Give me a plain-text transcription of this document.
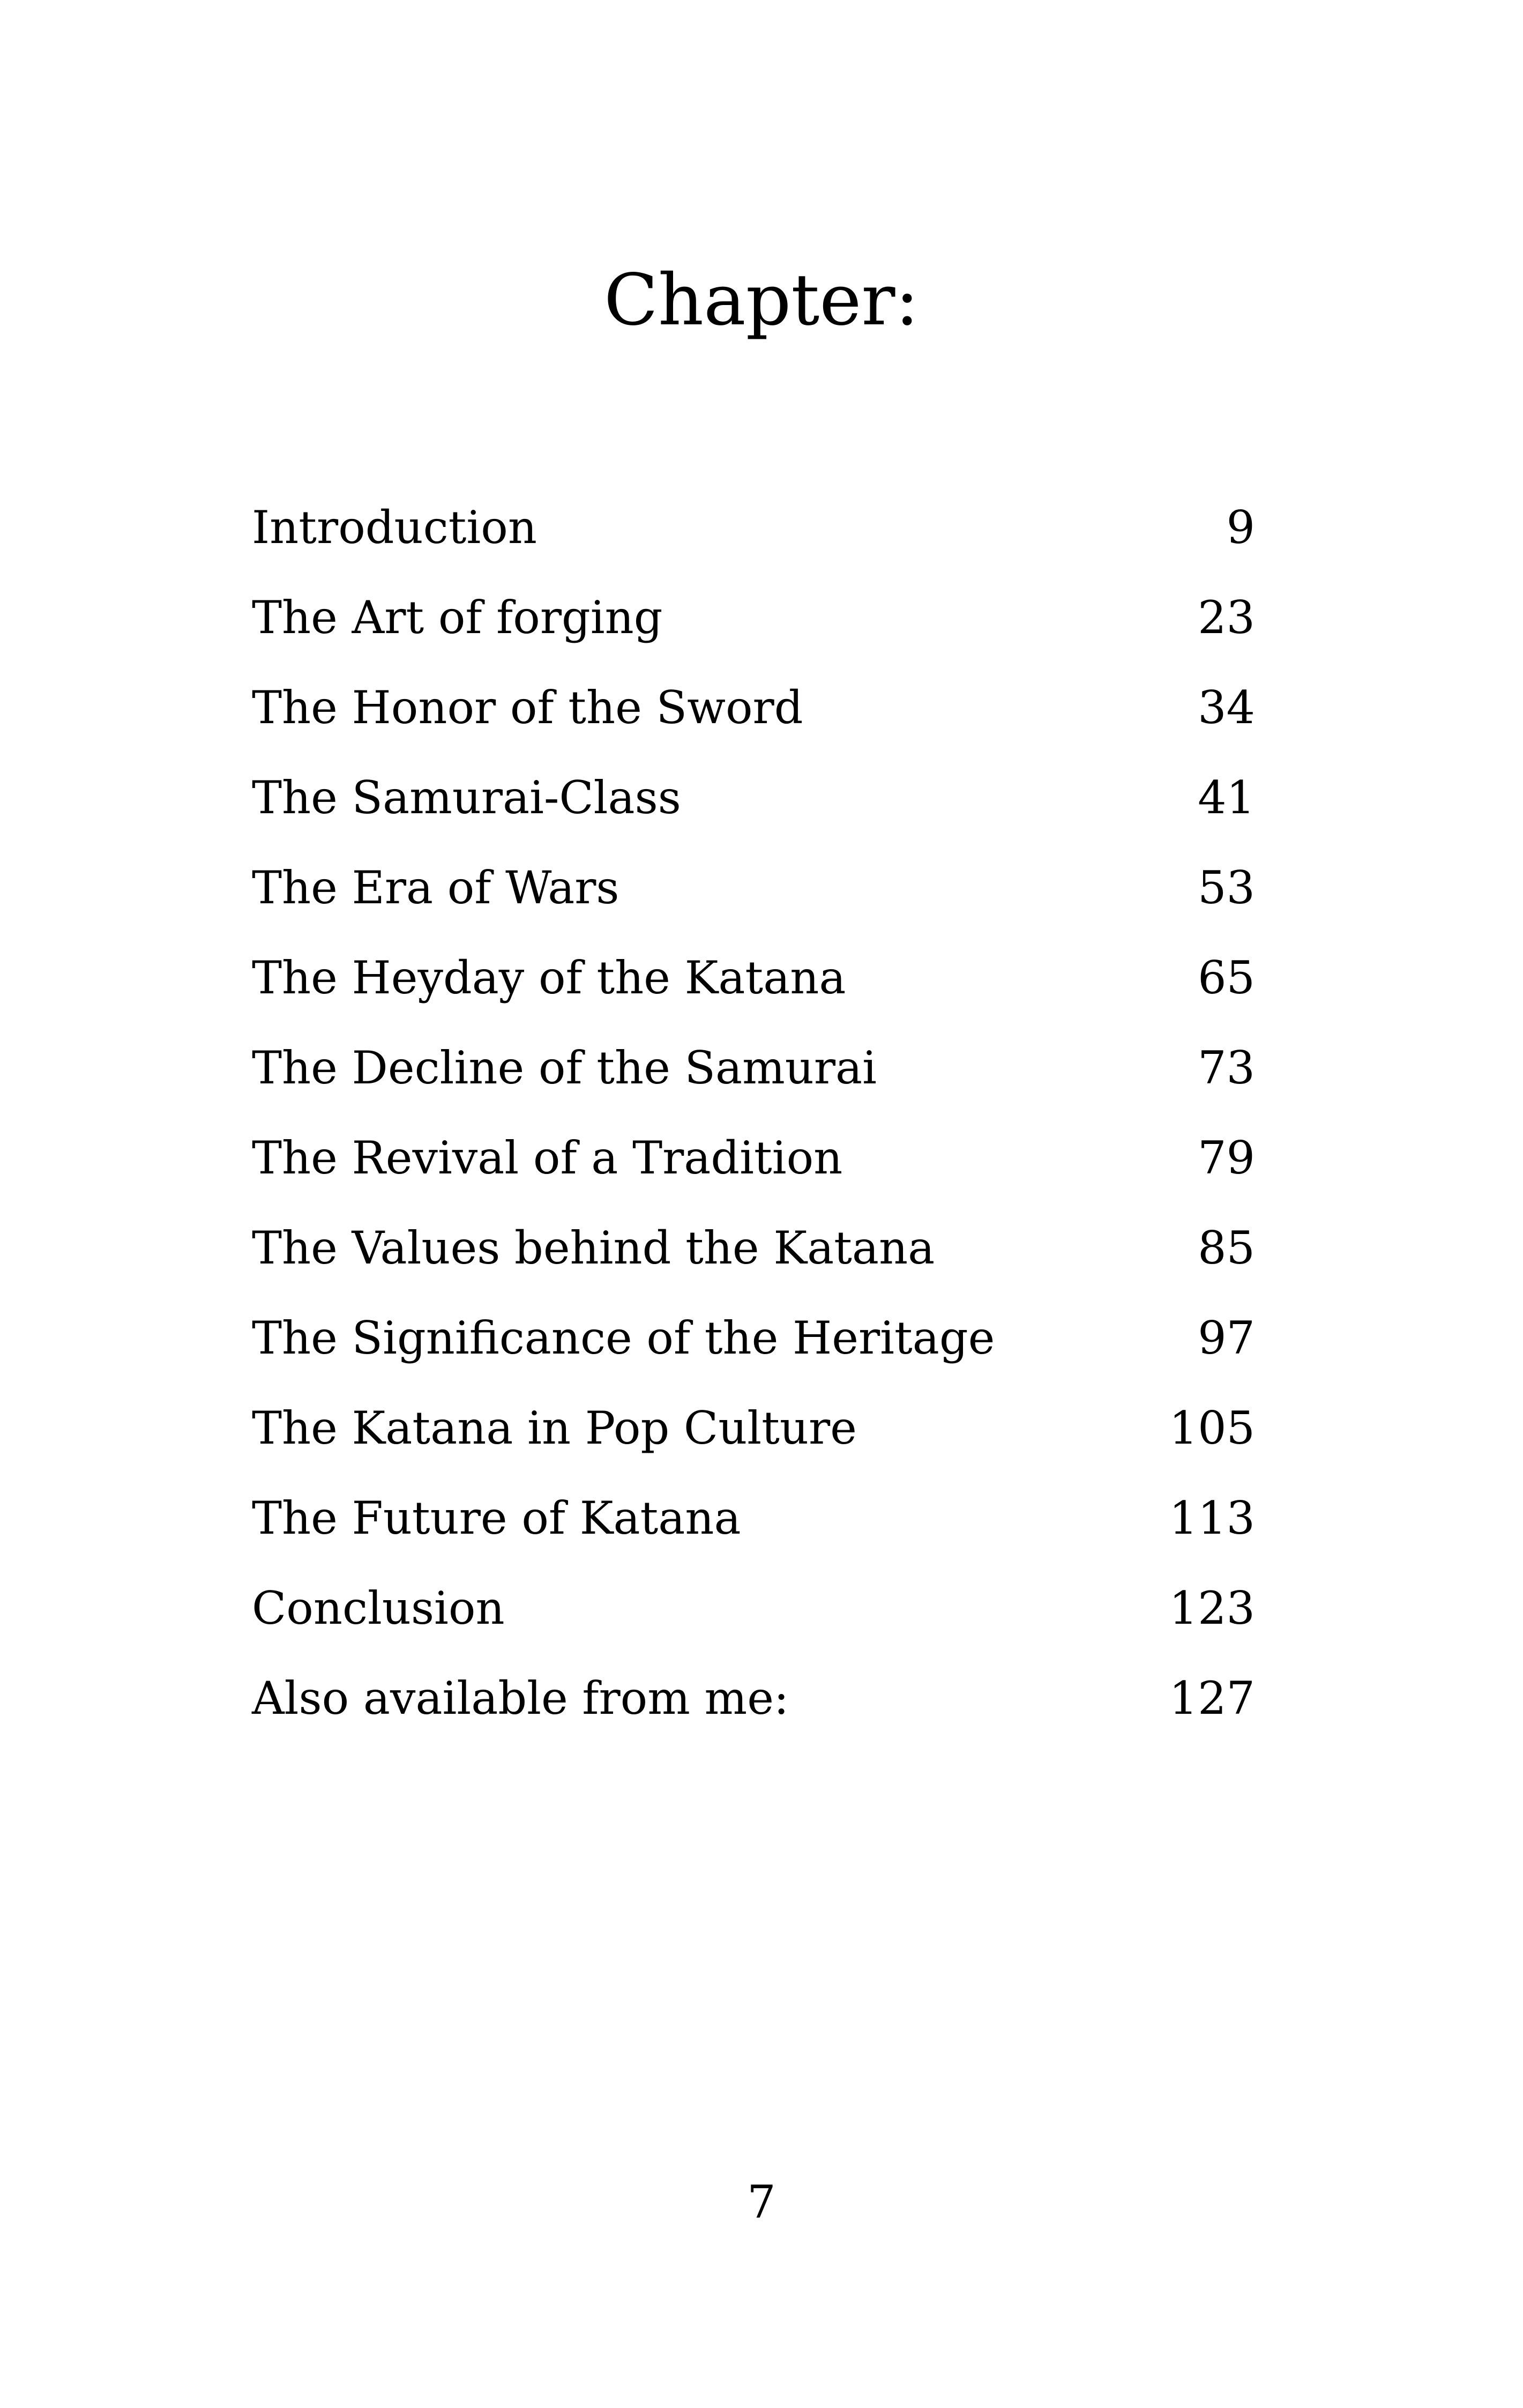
Chapter:
Introduction	9
The Art of forging	23
The Honor of the Sword	34
The Samurai-Class	41
The Era of Wars	53
The Heyday of the Katana	65
The Decline of the Samurai	73
The Revival of a Tradition	79
The Values behind the Katana	85
The Significance of the Heritage	97
The Katana in Pop Culture	105
The Future of Katana	113
Conclusion	123
Also available from me:	127
7
